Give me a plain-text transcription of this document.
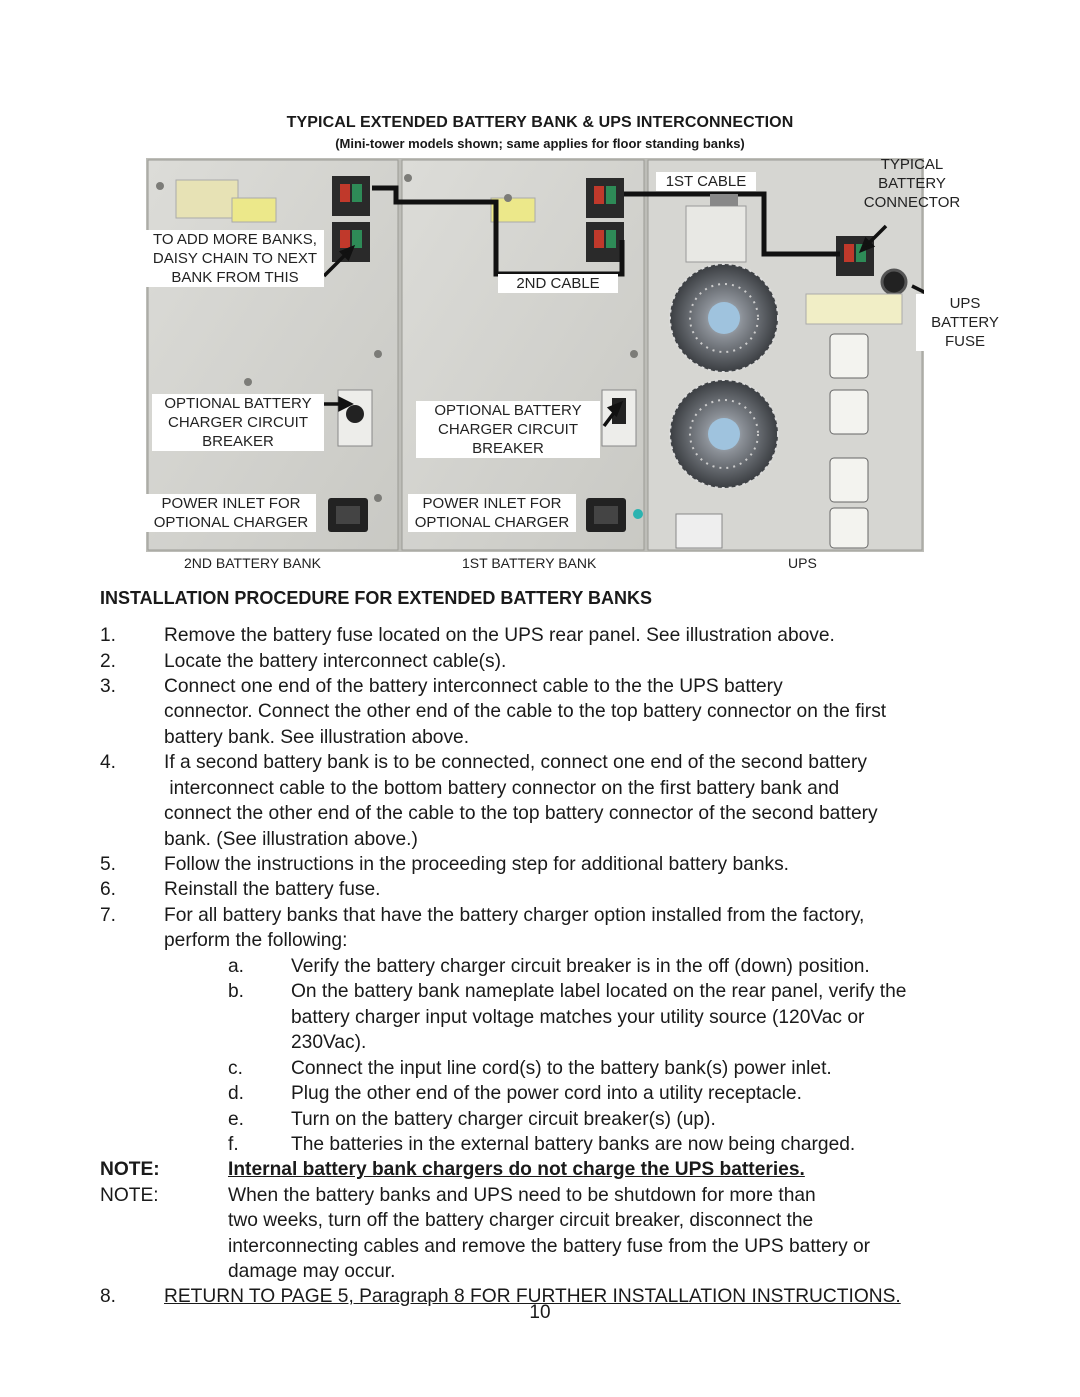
TYPICAL EXTENDED BATTERY BANK & UPS INTERCONNECTION
(Mini-tower models shown; same applies for floor standing banks)
TO ADD MORE BANKS,
DAISY CHAIN TO NEXT
BANK FROM THIS
1ST CABLE
2ND CABLE
TYPICAL
BATTERY
CONNECTOR
UPS
BATTERY
FUSE
OPTIONAL BATTERY
CHARGER CIRCUIT
BREAKER
OPTIONAL BATTERY
CHARGER CIRCUIT
BREAKER
POWER INLET FOR
OPTIONAL CHARGER
POWER INLET FOR
OPTIONAL CHARGER
2ND BATTERY BANK	1ST BATTERY BANK	UPS
INSTALLATION PROCEDURE FOR EXTENDED BATTERY BANKS
1. Remove the battery fuse located on the UPS rear panel. See illustration above.
2. Locate the battery interconnect cable(s).
3. Connect one end of the battery interconnect cable to the the UPS battery
connector. Connect the other end of the cable to the top battery connector on the first
battery bank. See illustration above.
4. If a second battery bank is to be connected, connect one end of the second battery
interconnect cable to the bottom battery connector on the first battery bank and
connect the other end of the cable to the top battery connector of the second battery
bank. (See illustration above.)
5. Follow the instructions in the proceeding step for additional battery banks.
6. Reinstall the battery fuse.
7. For all battery banks that have the battery charger option installed from the factory,
perform the following:
a. Verify the battery charger circuit breaker is in the off (down) position.
b. On the battery bank nameplate label located on the rear panel, verify the
battery charger input voltage matches your utility source (120Vac or
230Vac).
c.	Connect the input line cord(s) to the battery bank(s) power inlet.
d. Plug the other end of the power cord into a utility receptacle.
e. Turn on the battery charger circuit breaker(s) (up).
f.	The batteries in the external battery banks are now being charged.
NOTE:	Internal battery bank chargers do not charge the UPS batteries.
NOTE:	When the battery banks and UPS need to be shutdown for more than
two weeks, turn off the battery charger circuit breaker, disconnect the
interconnecting cables and remove the battery fuse from the UPS battery or
damage may occur.
8. RETURN TO PAGE 5, Paragraph 8 FOR FURTHER INSTALLATION INSTRUCTIONS.
10
